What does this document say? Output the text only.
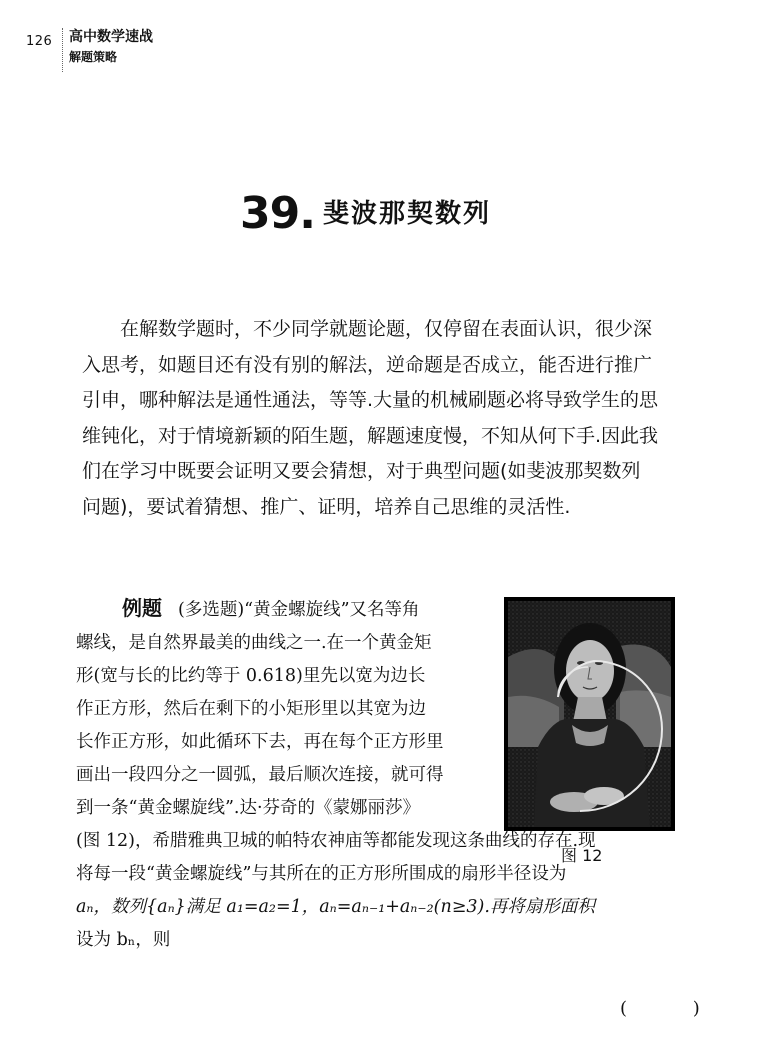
126 高中数学速战
解题策略
39. 斐波那契数列
在解数学题时，不少同学就题论题，仅停留在表面认识，很少深
入思考，如题目还有没有别的解法，逆命题是否成立，能否进行推广
引申，哪种解法是通性通法，等等.大量的机械刷题必将导致学生的思
维钝化，对于情境新颖的陌生题，解题速度慢，不知从何下手.因此我
们在学习中既要会证明又要会猜想，对于典型问题(如斐波那契数列
问题)，要试着猜想、推广、证明，培养自己思维的灵活性.
例题 (多选题)“黄金螺旋线”又名等角
螺线，是自然界最美的曲线之一.在一个黄金矩
形(宽与长的比约等于 0.618)里先以宽为边长
作正方形，然后在剩下的小矩形里以其宽为边
长作正方形，如此循环下去，再在每个正方形里
画出一段四分之一圆弧，最后顺次连接，就可得
到一条“黄金螺旋线”.达·芬奇的《蒙娜丽莎》
(图 12)，希腊雅典卫城的帕特农神庙等都能发现这条曲线的存在.现
将每一段“黄金螺旋线”与其所在的正方形所围成的扇形半径设为
aₙ，数列{aₙ}满足 a₁=a₂=1，aₙ=aₙ₋₁+aₙ₋₂(n≥3).再将扇形面积
设为 bₙ，则
图 12
( )
